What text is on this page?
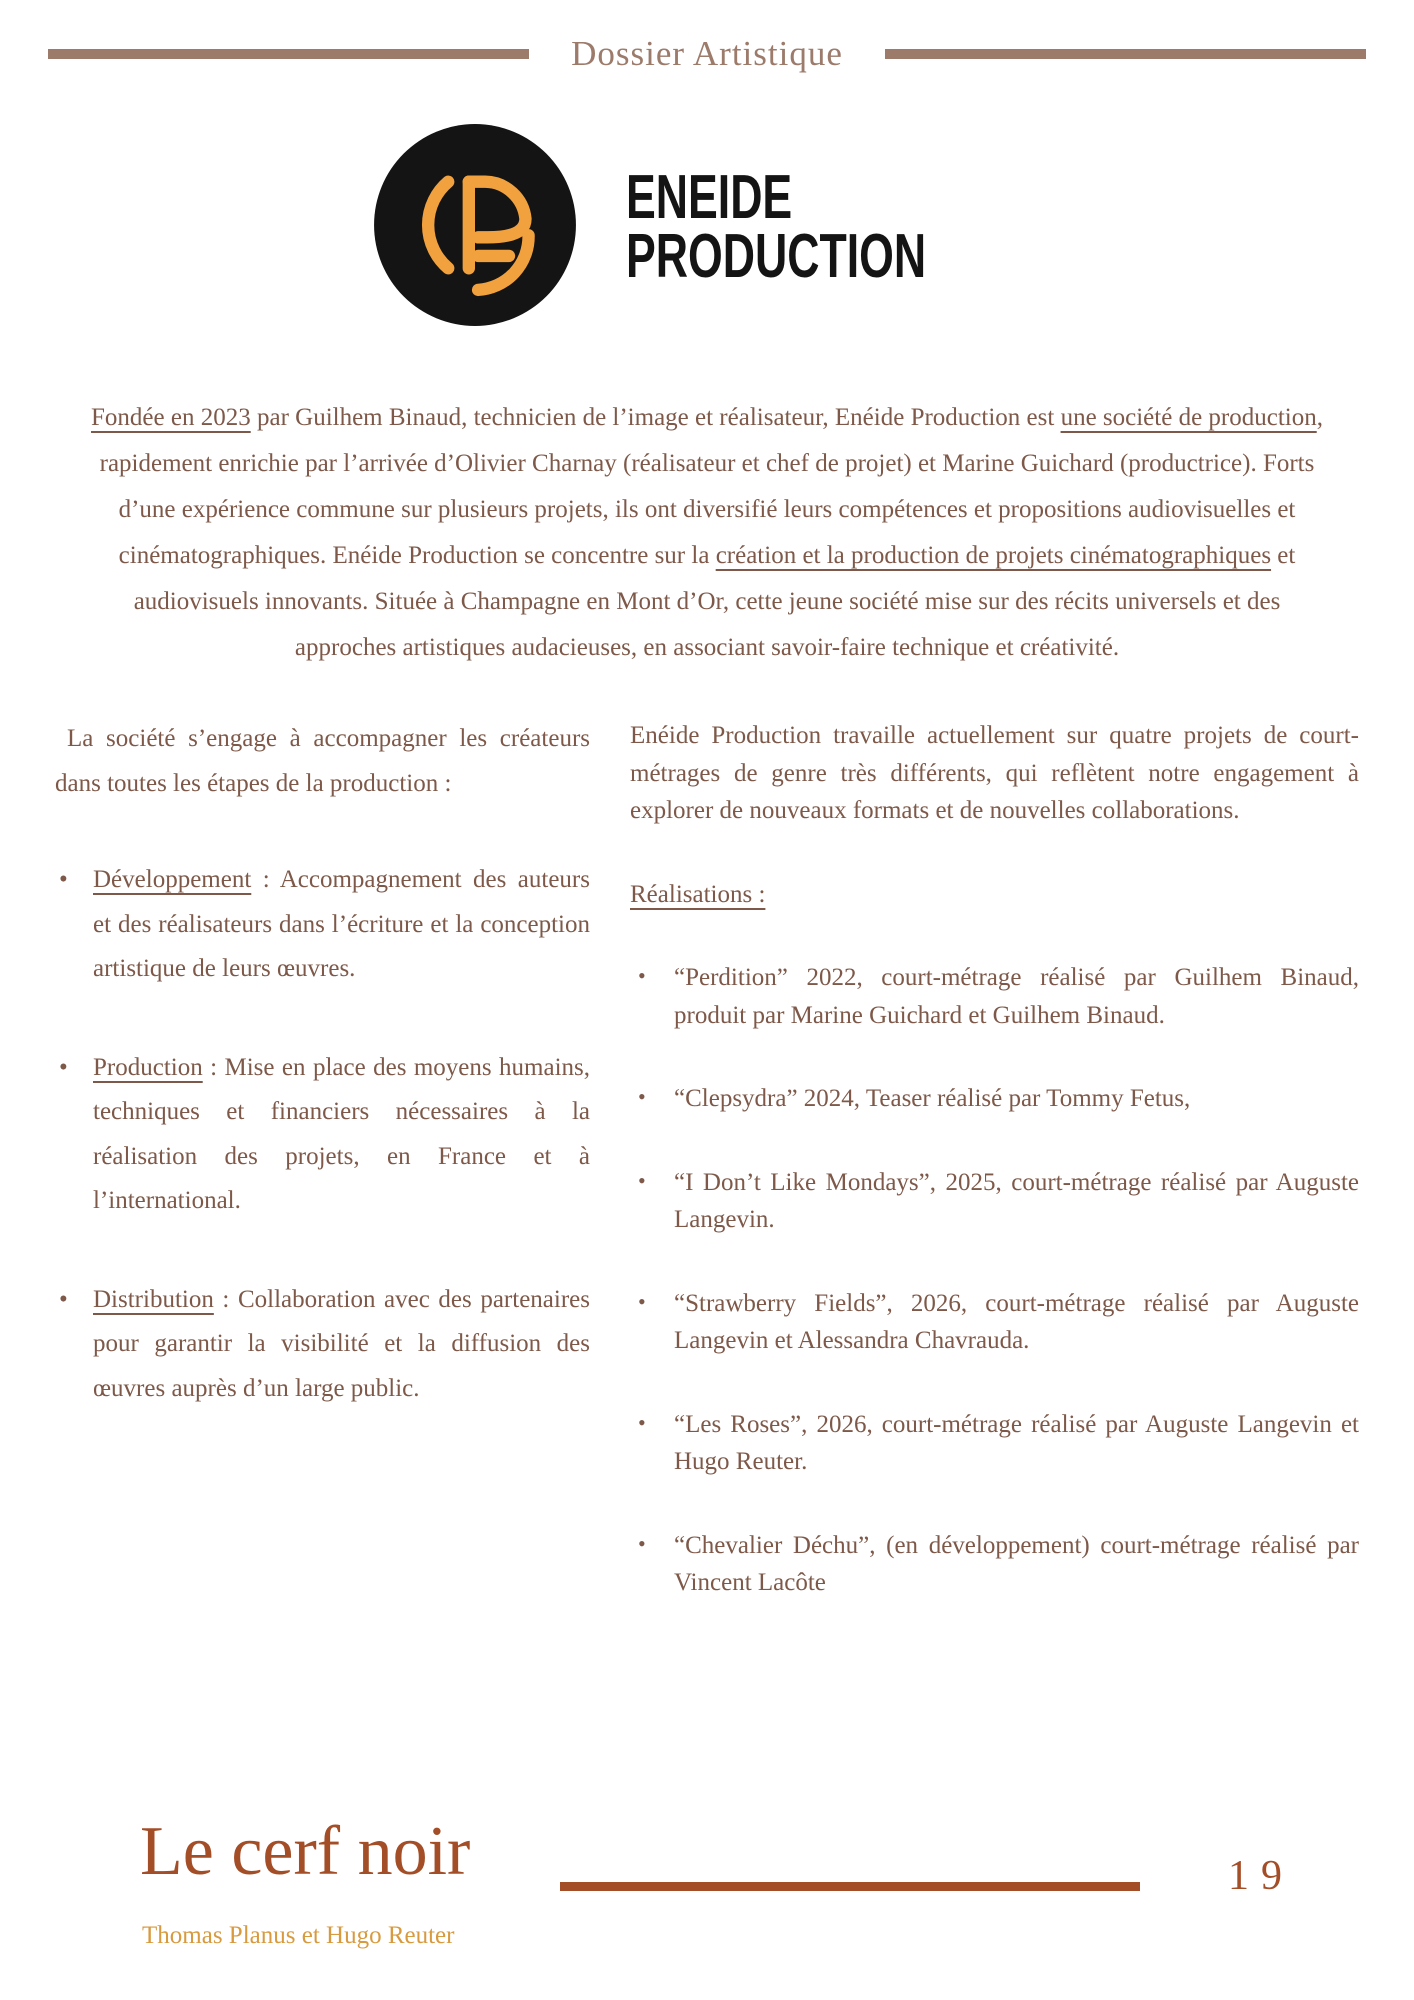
Dossier Artistique
ENEIDE
PRODUCTION

Fondée en 2023 par Guilhem Binaud, technicien de l’image et réalisateur, Enéide Production est une société de production, rapidement enrichie par l’arrivée d’Olivier Charnay (réalisateur et chef de projet) et Marine Guichard (productrice). Forts d’une expérience commune sur plusieurs projets, ils ont diversifié leurs compétences et propositions audiovisuelles et cinématographiques. Enéide Production se concentre sur la création et la production de projets cinématographiques et audiovisuels innovants. Située à Champagne en Mont d’Or, cette jeune société mise sur des récits universels et des approches artistiques audacieuses, en associant savoir-faire technique et créativité.

La société s’engage à accompagner les créateurs dans toutes les étapes de la production :

• Développement : Accompagnement des auteurs et des réalisateurs dans l’écriture et la conception artistique de leurs œuvres.
• Production : Mise en place des moyens humains, techniques et financiers nécessaires à la réalisation des projets, en France et à l’international.
• Distribution : Collaboration avec des partenaires pour garantir la visibilité et la diffusion des œuvres auprès d’un large public.

Enéide Production travaille actuellement sur quatre projets de court-métrages de genre très différents, qui reflètent notre engagement à explorer de nouveaux formats et de nouvelles collaborations.

Réalisations :

• “Perdition” 2022, court-métrage réalisé par Guilhem Binaud, produit par Marine Guichard et Guilhem Binaud.
• “Clepsydra” 2024, Teaser réalisé par Tommy Fetus,
• “I Don’t Like Mondays”, 2025, court-métrage réalisé par Auguste Langevin.
• “Strawberry Fields”, 2026, court-métrage réalisé par Auguste Langevin et Alessandra Chavrauda.
• “Les Roses”, 2026, court-métrage réalisé par Auguste Langevin et Hugo Reuter.
• “Chevalier Déchu”, (en développement) court-métrage réalisé par Vincent Lacôte
Le cerf noir
Thomas Planus et Hugo Reuter
19
